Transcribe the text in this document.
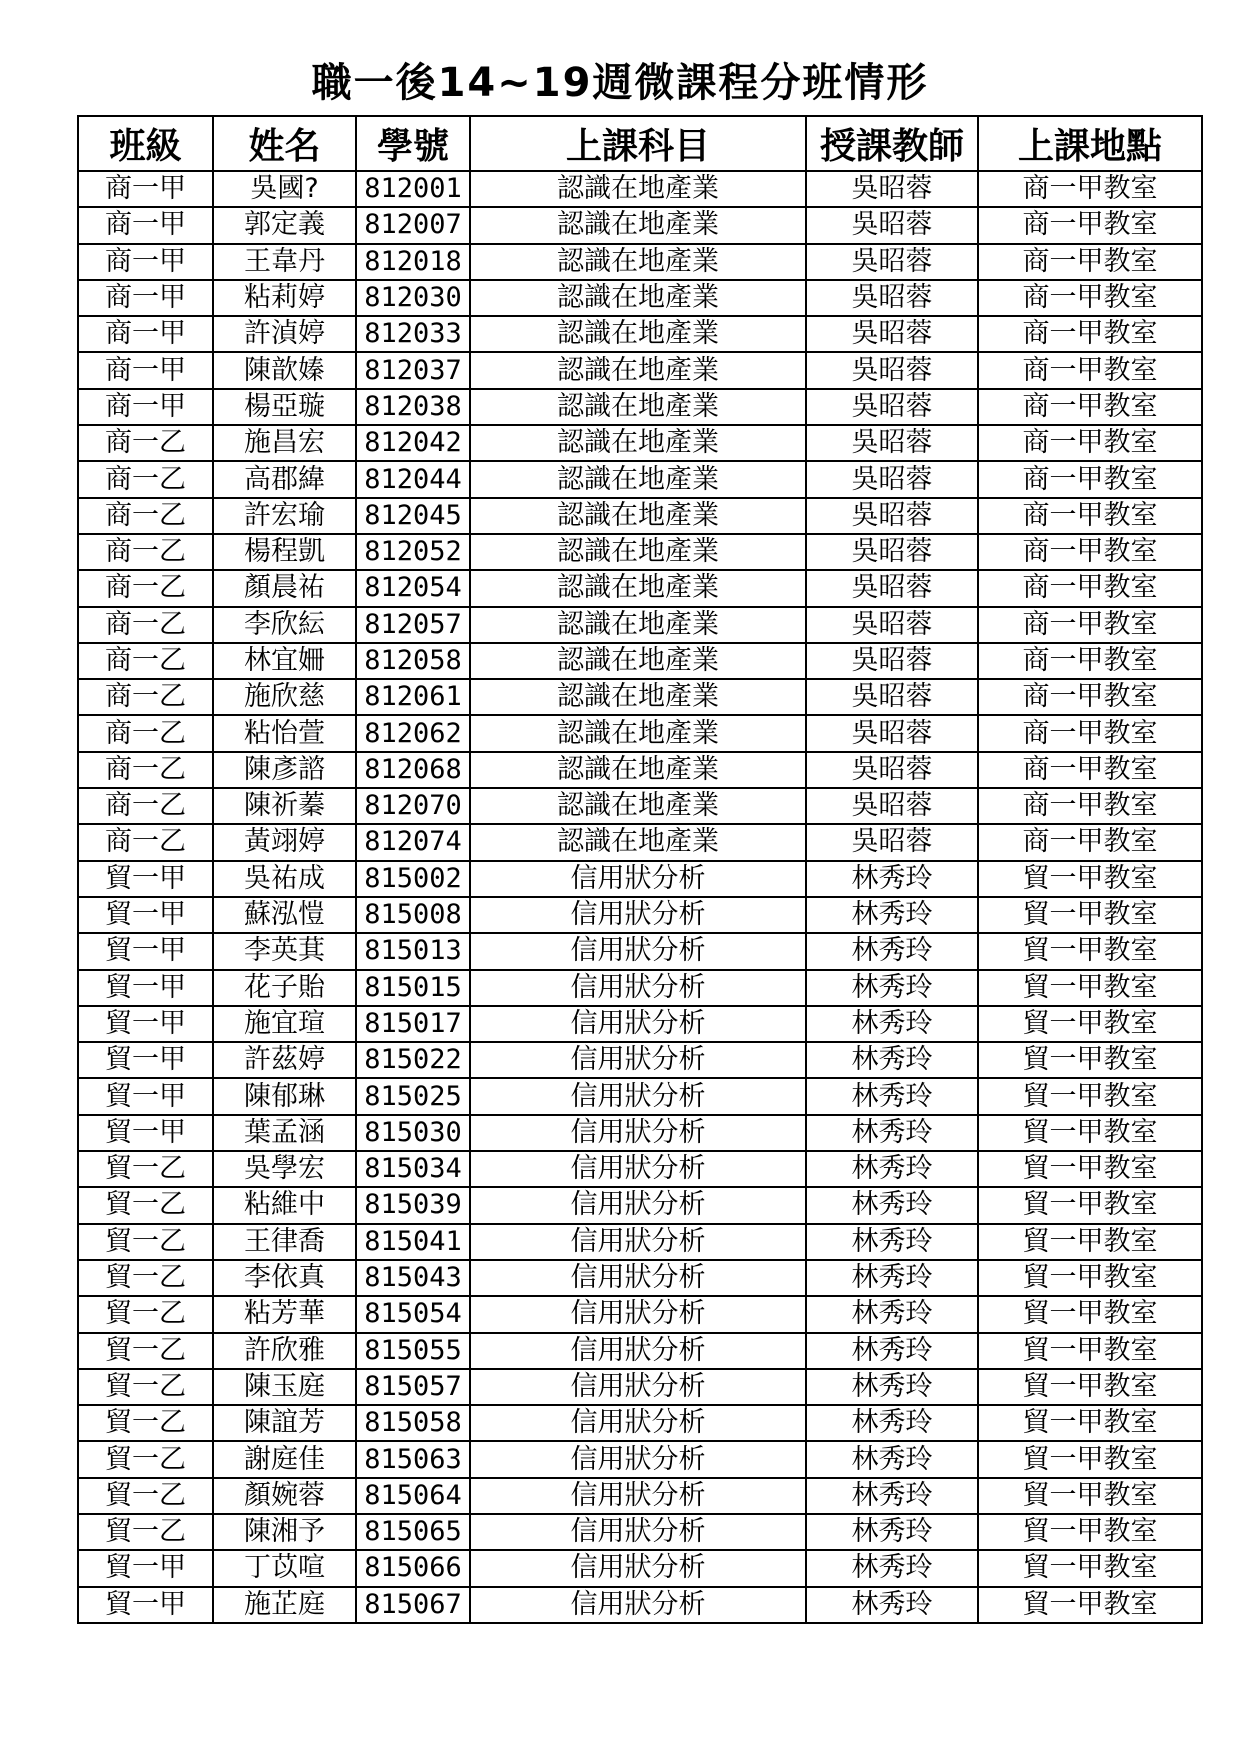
職一後14~19週微課程分班情形
班級	姓名	學號	上課科目	授課教師	上課地點
商一甲	吳國?	812001	認識在地產業	吳昭蓉	商一甲教室
商一甲	郭定義	812007	認識在地產業	吳昭蓉	商一甲教室
商一甲	王韋丹	812018	認識在地產業	吳昭蓉	商一甲教室
商一甲	粘莉婷	812030	認識在地產業	吳昭蓉	商一甲教室
商一甲	許湞婷	812033	認識在地產業	吳昭蓉	商一甲教室
商一甲	陳歆嫀	812037	認識在地產業	吳昭蓉	商一甲教室
商一甲	楊亞璇	812038	認識在地產業	吳昭蓉	商一甲教室
商一乙	施昌宏	812042	認識在地產業	吳昭蓉	商一甲教室
商一乙	高郡緯	812044	認識在地產業	吳昭蓉	商一甲教室
商一乙	許宏瑜	812045	認識在地產業	吳昭蓉	商一甲教室
商一乙	楊程凱	812052	認識在地產業	吳昭蓉	商一甲教室
商一乙	顏晨祐	812054	認識在地產業	吳昭蓉	商一甲教室
商一乙	李欣紜	812057	認識在地產業	吳昭蓉	商一甲教室
商一乙	林宜姍	812058	認識在地產業	吳昭蓉	商一甲教室
商一乙	施欣慈	812061	認識在地產業	吳昭蓉	商一甲教室
商一乙	粘怡萱	812062	認識在地產業	吳昭蓉	商一甲教室
商一乙	陳彥諮	812068	認識在地產業	吳昭蓉	商一甲教室
商一乙	陳祈蓁	812070	認識在地產業	吳昭蓉	商一甲教室
商一乙	黃翊婷	812074	認識在地產業	吳昭蓉	商一甲教室
貿一甲	吳祐成	815002	信用狀分析	林秀玲	貿一甲教室
貿一甲	蘇泓愷	815008	信用狀分析	林秀玲	貿一甲教室
貿一甲	李英萁	815013	信用狀分析	林秀玲	貿一甲教室
貿一甲	花子貽	815015	信用狀分析	林秀玲	貿一甲教室
貿一甲	施宜瑄	815017	信用狀分析	林秀玲	貿一甲教室
貿一甲	許茲婷	815022	信用狀分析	林秀玲	貿一甲教室
貿一甲	陳郁琳	815025	信用狀分析	林秀玲	貿一甲教室
貿一甲	葉孟涵	815030	信用狀分析	林秀玲	貿一甲教室
貿一乙	吳學宏	815034	信用狀分析	林秀玲	貿一甲教室
貿一乙	粘維中	815039	信用狀分析	林秀玲	貿一甲教室
貿一乙	王律喬	815041	信用狀分析	林秀玲	貿一甲教室
貿一乙	李依真	815043	信用狀分析	林秀玲	貿一甲教室
貿一乙	粘芳華	815054	信用狀分析	林秀玲	貿一甲教室
貿一乙	許欣雅	815055	信用狀分析	林秀玲	貿一甲教室
貿一乙	陳玉庭	815057	信用狀分析	林秀玲	貿一甲教室
貿一乙	陳誼芳	815058	信用狀分析	林秀玲	貿一甲教室
貿一乙	謝庭佳	815063	信用狀分析	林秀玲	貿一甲教室
貿一乙	顏婉蓉	815064	信用狀分析	林秀玲	貿一甲教室
貿一乙	陳湘予	815065	信用狀分析	林秀玲	貿一甲教室
貿一甲	丁苡喧	815066	信用狀分析	林秀玲	貿一甲教室
貿一甲	施芷庭	815067	信用狀分析	林秀玲	貿一甲教室
